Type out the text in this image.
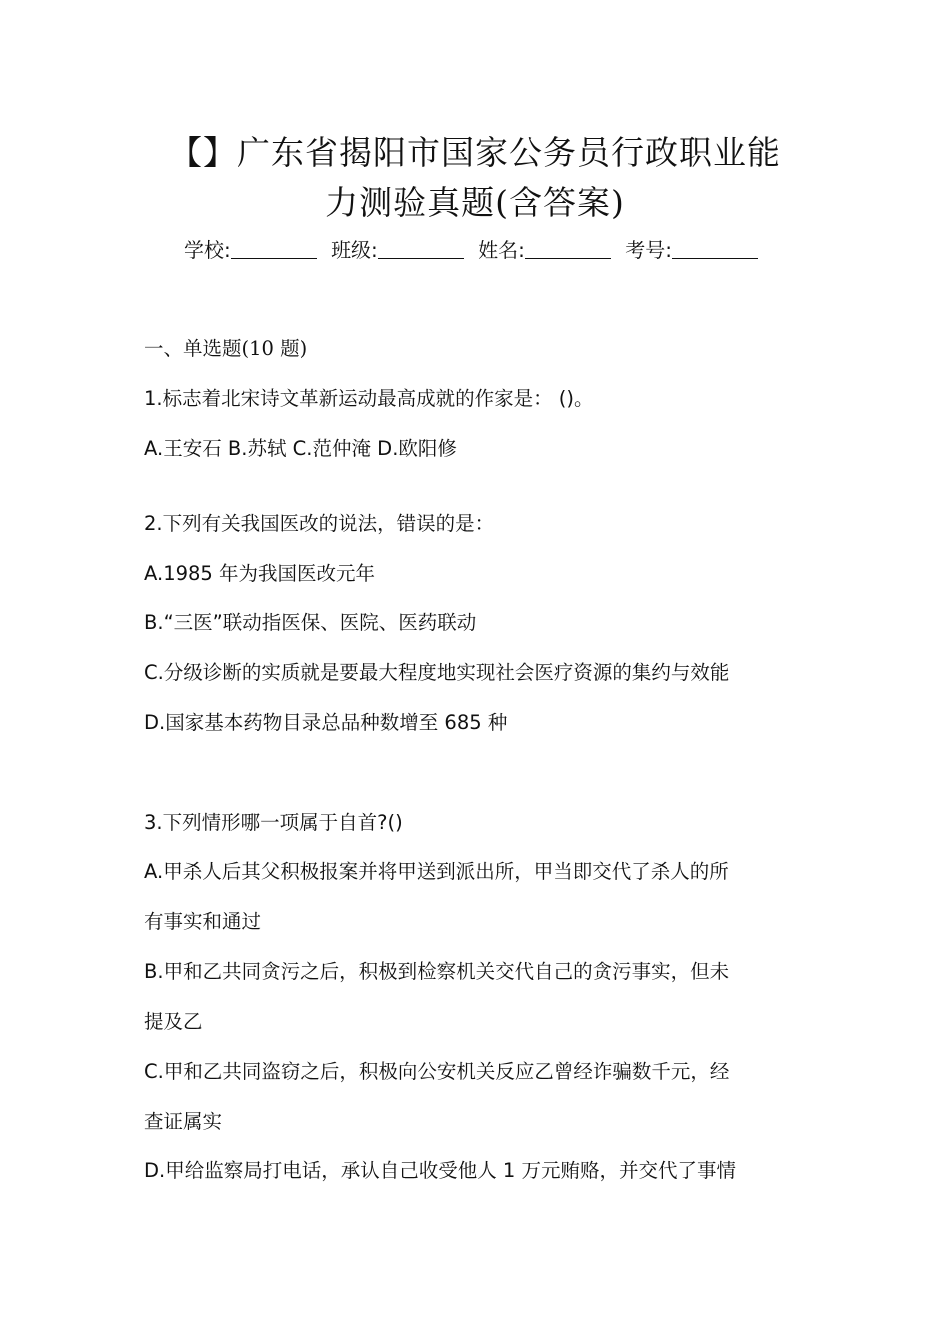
【】广东省揭阳市国家公务员行政职业能
力测验真题(含答案)
学校:	班级:	姓名:	考号:
一、单选题(10 题)
1.标志着北宋诗文革新运动最高成就的作家是： ()。
A.王安石 B.苏轼 C.范仲淹 D.欧阳修
2.下列有关我国医改的说法，错误的是：
A.1985 年为我国医改元年
B.“三医”联动指医保、医院、医药联动
C.分级诊断的实质就是要最大程度地实现社会医疗资源的集约与效能
D.国家基本药物目录总品种数增至 685 种
3.下列情形哪一项属于自首?()
A.甲杀人后其父积极报案并将甲送到派出所，甲当即交代了杀人的所
有事实和通过
B.甲和乙共同贪污之后，积极到检察机关交代自己的贪污事实，但未
提及乙
C.甲和乙共同盗窃之后，积极向公安机关反应乙曾经诈骗数千元，经
查证属实
D.甲给监察局打电话，承认自己收受他人 1 万元贿赂，并交代了事情
